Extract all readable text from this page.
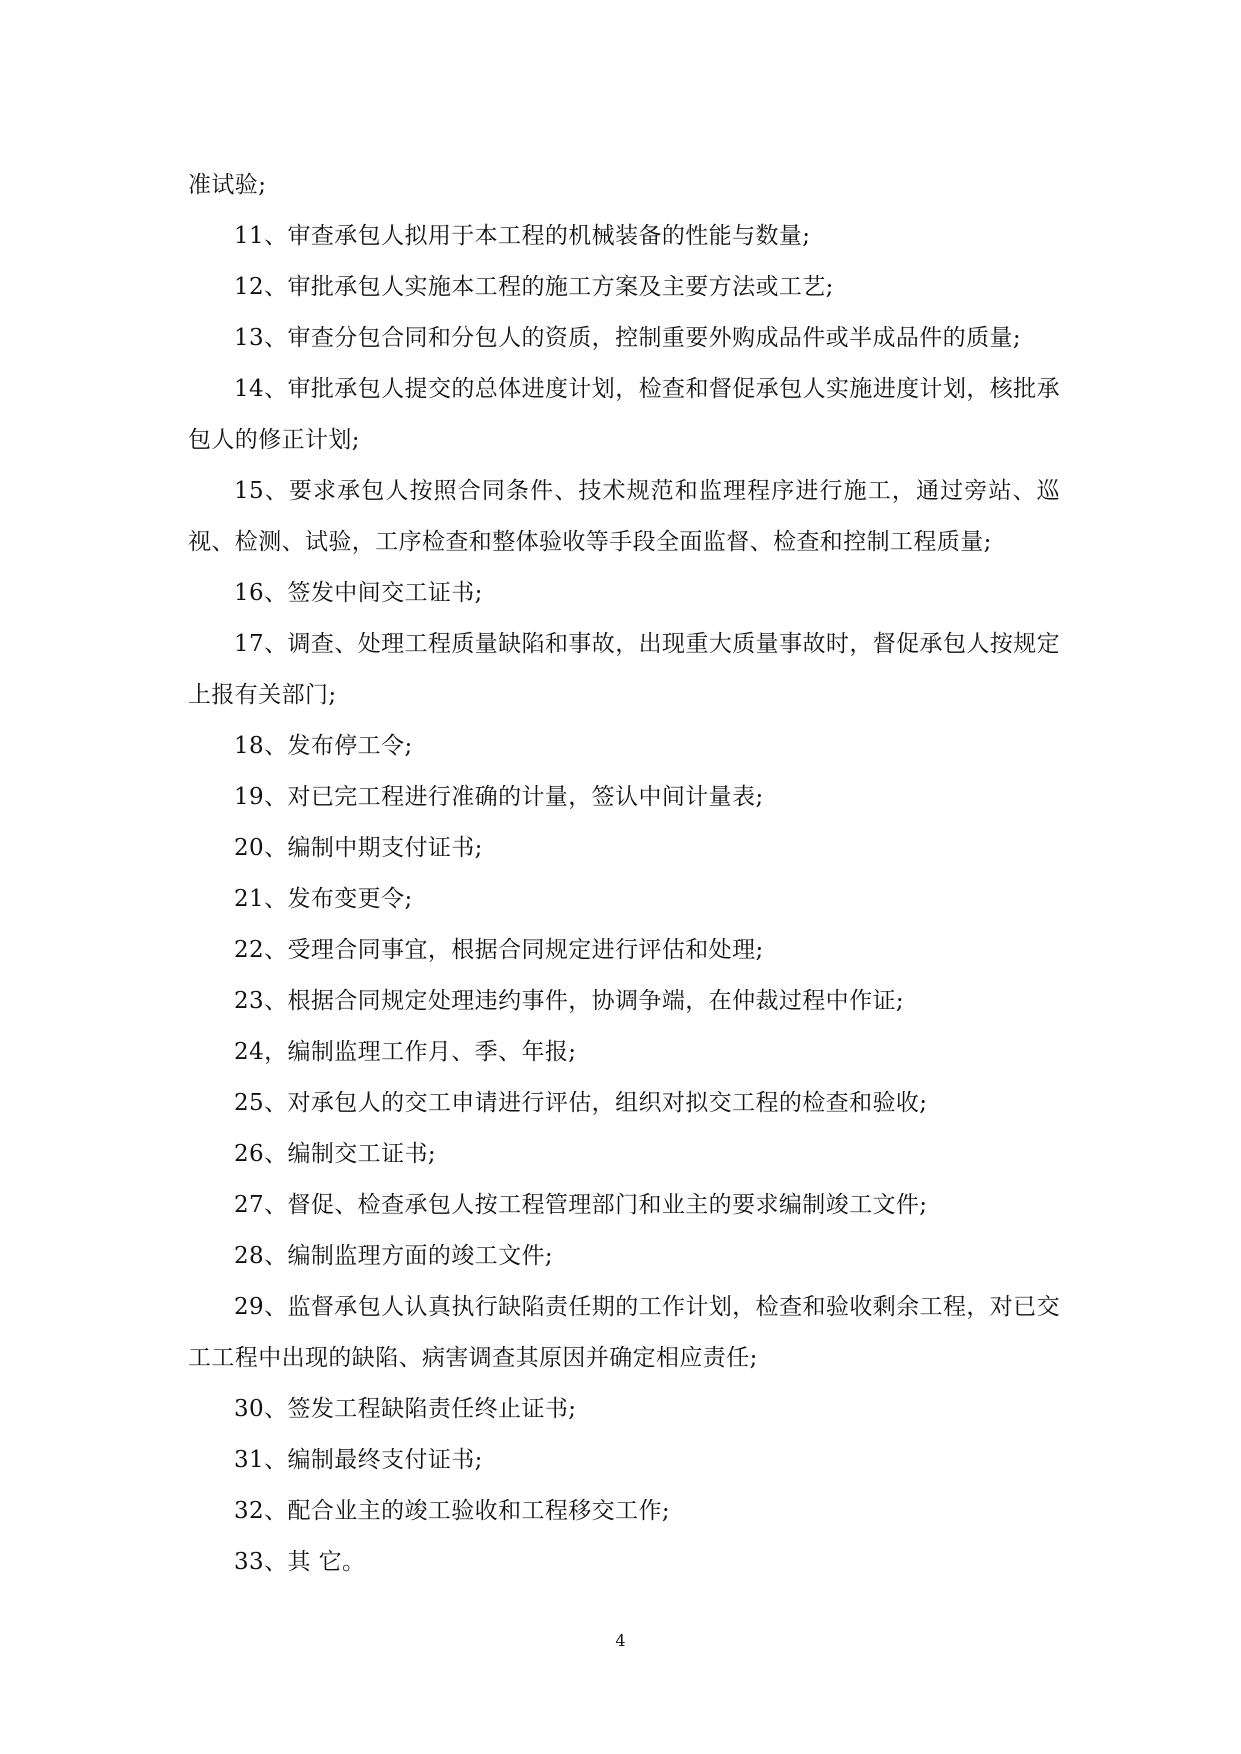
准试验;

11、审查承包人拟用于本工程的机械装备的性能与数量;

12、审批承包人实施本工程的施工方案及主要方法或工艺;

13、审查分包合同和分包人的资质，控制重要外购成品件或半成品件的质量;

14、审批承包人提交的总体进度计划，检查和督促承包人实施进度计划，核批承包人的修正计划;

15、要求承包人按照合同条件、技术规范和监理程序进行施工，通过旁站、巡视、检测、试验，工序检查和整体验收等手段全面监督、检查和控制工程质量;

16、签发中间交工证书;

17、调查、处理工程质量缺陷和事故，出现重大质量事故时，督促承包人按规定上报有关部门;

18、发布停工令;

19、对已完工程进行准确的计量，签认中间计量表;

20、编制中期支付证书;

21、发布变更令;

22、受理合同事宜，根据合同规定进行评估和处理;

23、根据合同规定处理违约事件，协调争端，在仲裁过程中作证;

24，编制监理工作月、季、年报;

25、对承包人的交工申请进行评估，组织对拟交工程的检查和验收;

26、编制交工证书;

27、督促、检查承包人按工程管理部门和业主的要求编制竣工文件;

28、编制监理方面的竣工文件;

29、监督承包人认真执行缺陷责任期的工作计划，检查和验收剩余工程，对已交工工程中出现的缺陷、病害调查其原因并确定相应责任;

30、签发工程缺陷责任终止证书;

31、编制最终支付证书;

32、配合业主的竣工验收和工程移交工作;

33、其 它。

4
